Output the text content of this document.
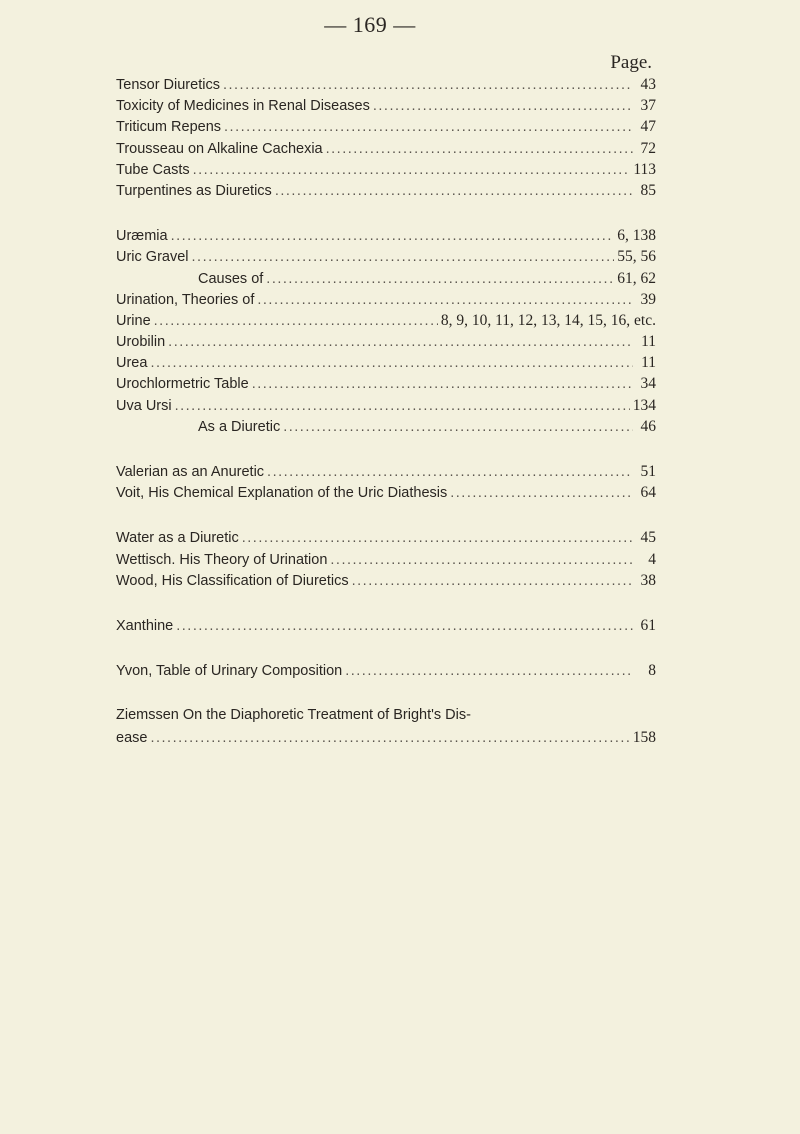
— 169 —
Page.
Tensor Diuretics .....	43
Toxicity of Medicines in Renal Diseases .....	37
Triticum Repens .....	47
Trousseau on Alkaline Cachexia .....	72
Tube Casts .....	113
Turpentines as Diuretics .....	85
Uræmia .....	6, 138
Uric Gravel .....	55, 56
Causes of .....	61, 62
Urination, Theories of .....	39
Urine .....	8, 9, 10, 11, 12, 13, 14, 15, 16, etc.
Urobilin .....	11
Urea .....	11
Urochlormetric Table .....	34
Uva Ursi .....	134
As a Diuretic .....	46
Valerian as an Anuretic .....	51
Voit, His Chemical Explanation of the Uric Diathesis .....	64
Water as a Diuretic .....	45
Wettisch. His Theory of Urination .....	4
Wood, His Classification of Diuretics .....	38
Xanthine .....	61
Yvon, Table of Urinary Composition .....	8
Ziemssen On the Diaphoretic Treatment of Bright's Dis-
ease .....	158
